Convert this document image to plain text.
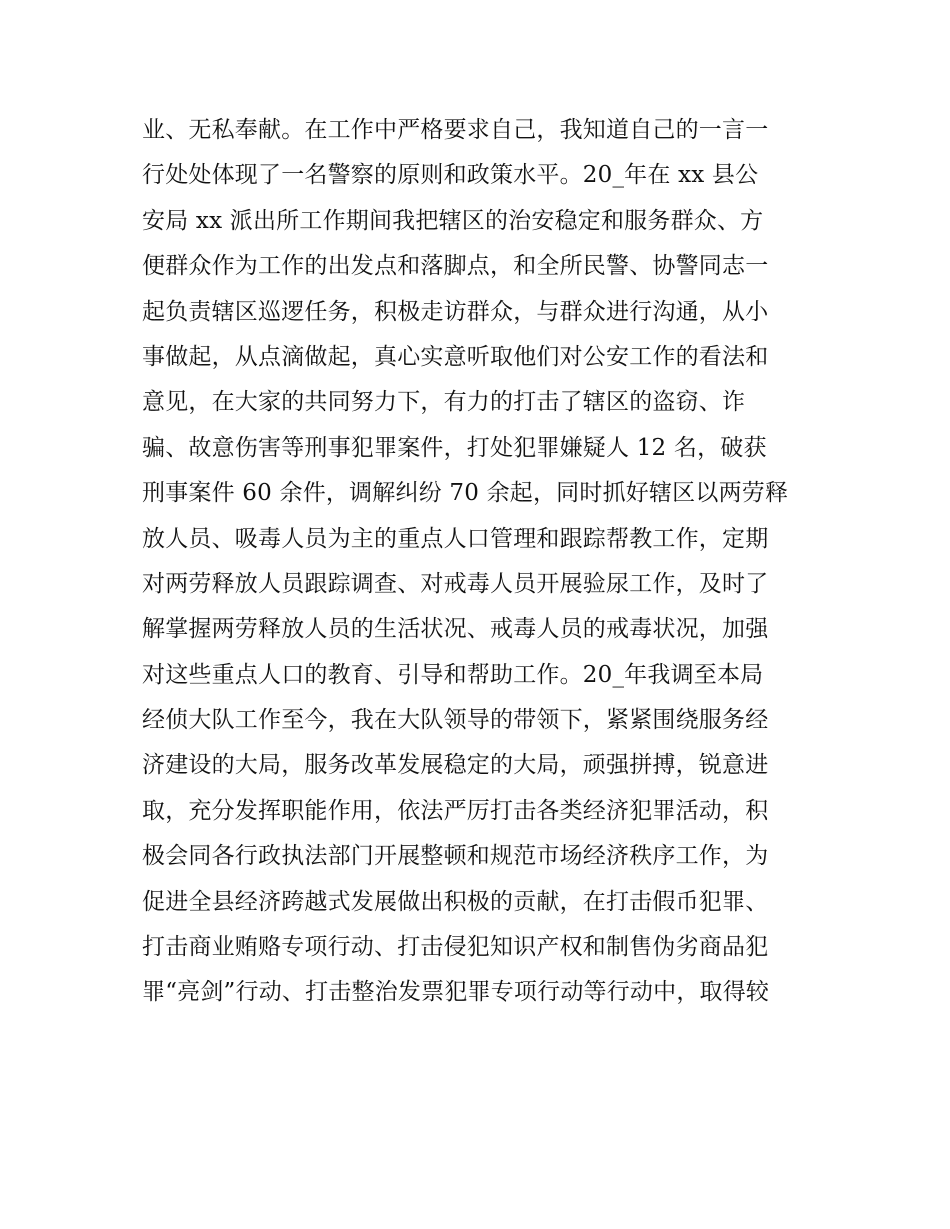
业、无私奉献。在工作中严格要求自己，我知道自己的一言一
行处处体现了一名警察的原则和政策水平。20_年在 xx 县公
安局 xx 派出所工作期间我把辖区的治安稳定和服务群众、方
便群众作为工作的出发点和落脚点，和全所民警、协警同志一
起负责辖区巡逻任务，积极走访群众，与群众进行沟通，从小
事做起，从点滴做起，真心实意听取他们对公安工作的看法和
意见，在大家的共同努力下，有力的打击了辖区的盗窃、诈
骗、故意伤害等刑事犯罪案件，打处犯罪嫌疑人 12 名，破获
刑事案件 60 余件，调解纠纷 70 余起，同时抓好辖区以两劳释
放人员、吸毒人员为主的重点人口管理和跟踪帮教工作，定期
对两劳释放人员跟踪调查、对戒毒人员开展验尿工作，及时了
解掌握两劳释放人员的生活状况、戒毒人员的戒毒状况，加强
对这些重点人口的教育、引导和帮助工作。20_年我调至本局
经侦大队工作至今，我在大队领导的带领下，紧紧围绕服务经
济建设的大局，服务改革发展稳定的大局，顽强拼搏，锐意进
取，充分发挥职能作用，依法严厉打击各类经济犯罪活动，积
极会同各行政执法部门开展整顿和规范市场经济秩序工作，为
促进全县经济跨越式发展做出积极的贡献，在打击假币犯罪、
打击商业贿赂专项行动、打击侵犯知识产权和制售伪劣商品犯
罪“亮剑”行动、打击整治发票犯罪专项行动等行动中，取得较
